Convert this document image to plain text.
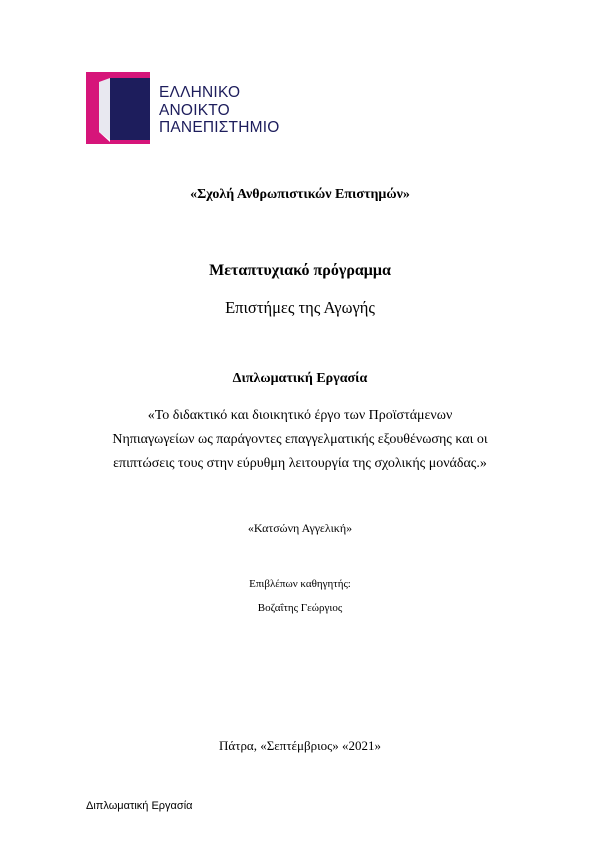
ΕΛΛΗΝΙΚΟ
ΑΝΟΙΚΤΟ
ΠΑΝΕΠΙΣΤΗΜΙΟ
«Σχολή Ανθρωπιστικών Επιστημών»
Μεταπτυχιακό πρόγραμμα
Επιστήμες της Αγωγής
Διπλωματική Εργασία
«Το διδακτικό και διοικητικό έργο των Προϊστάμενων
Νηπιαγωγείων ως παράγοντες επαγγελματικής εξουθένωσης και οι
επιπτώσεις τους στην εύρυθμη λειτουργία της σχολικής μονάδας.»
«Κατσώνη Αγγελική»
Επιβλέπων καθηγητής:
Βοζαΐτης Γεώργιος
Πάτρα, «Σεπτέμβριος» «2021»
Διπλωματική Εργασία
